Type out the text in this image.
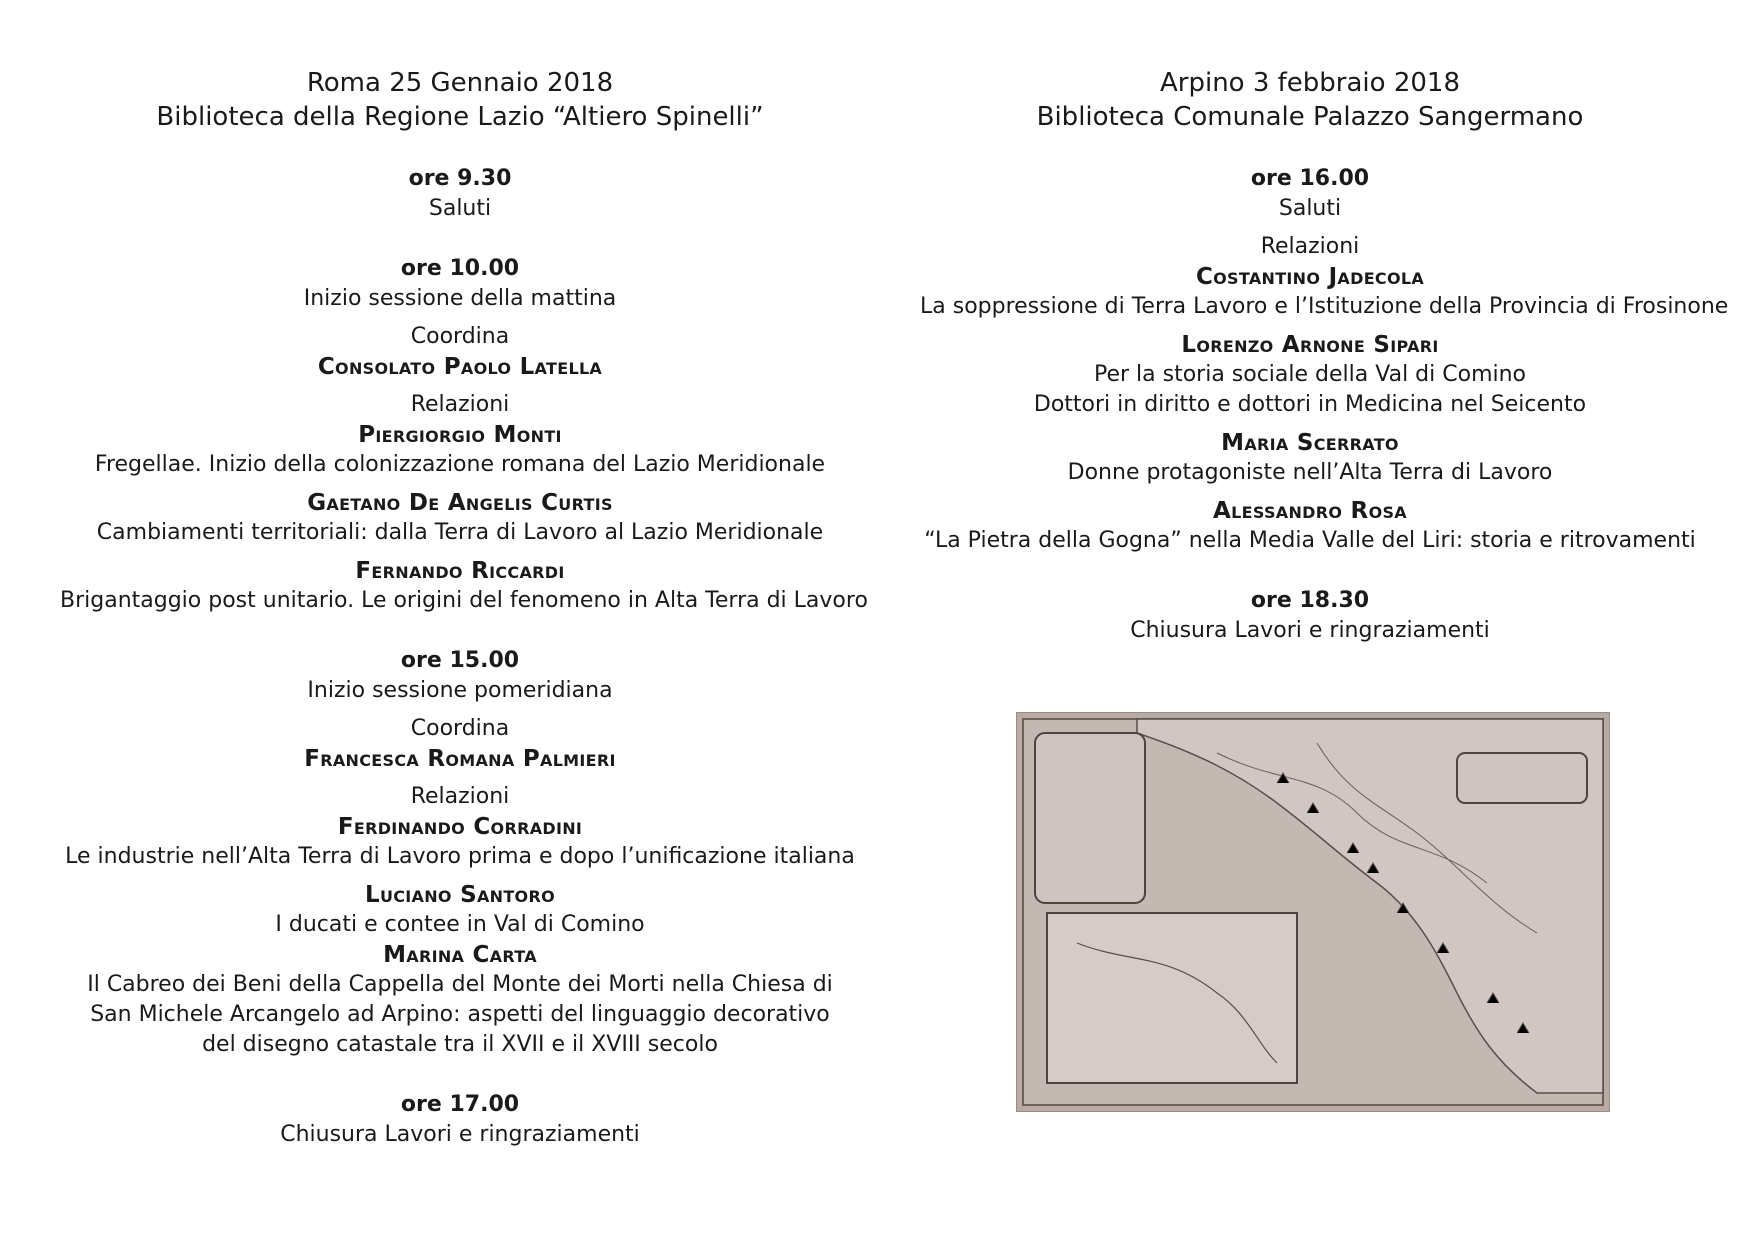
Roma 25 Gennaio 2018
Biblioteca della Regione Lazio “Altiero Spinelli”
ore 9.30
Saluti
ore 10.00
Inizio sessione della mattina
Coordina
Consolato Paolo Latella
Relazioni
Piergiorgio Monti
Fregellae. Inizio della colonizzazione romana del Lazio Meridionale
Gaetano De Angelis Curtis
Cambiamenti territoriali: dalla Terra di Lavoro al Lazio Meridionale
Fernando Riccardi
Brigantaggio post unitario. Le origini del fenomeno in Alta Terra di Lavoro
ore 15.00
Inizio sessione pomeridiana
Coordina
Francesca Romana Palmieri
Relazioni
Ferdinando Corradini
Le industrie nell’Alta Terra di Lavoro prima e dopo l’unificazione italiana
Luciano Santoro
I ducati e contee in Val di Comino
Marina Carta
Il Cabreo dei Beni della Cappella del Monte dei Morti nella Chiesa di
San Michele Arcangelo ad Arpino: aspetti del linguaggio decorativo
del disegno catastale tra il XVII e il XVIII secolo
ore 17.00
Chiusura Lavori e ringraziamenti
Arpino 3 febbraio 2018
Biblioteca Comunale Palazzo Sangermano
ore 16.00
Saluti
Relazioni
Costantino Jadecola
La soppressione di Terra Lavoro e l’Istituzione della Provincia di Frosinone
Lorenzo Arnone Sipari
Per la storia sociale della Val di Comino
Dottori in diritto e dottori in Medicina nel Seicento
Maria Scerrato
Donne protagoniste nell’Alta Terra di Lavoro
Alessandro Rosa
“La Pietra della Gogna” nella Media Valle del Liri: storia e ritrovamenti
ore 18.30
Chiusura Lavori e ringraziamenti
